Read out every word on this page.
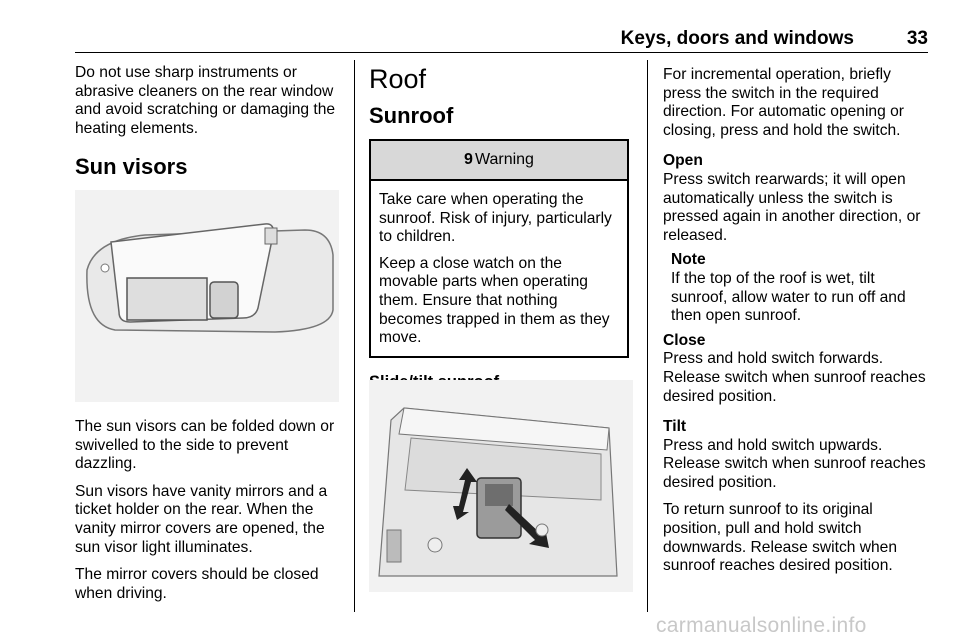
Keys, doors and windows	33

Do not use sharp instruments or abrasive cleaners on the rear window and avoid scratching or damaging the heating elements.

Sun visors

The sun visors can be folded down or swivelled to the side to prevent dazzling.

Sun visors have vanity mirrors and a ticket holder on the rear. When the vanity mirror covers are opened, the sun visor light illuminates.

The mirror covers should be closed when driving.

Roof
Sunroof
9 Warning

Take care when operating the sunroof. Risk of injury, particularly to children.

Keep a close watch on the movable parts when operating them. Ensure that nothing becomes trapped in them as they move.

For incremental operation, briefly press the switch in the required direction. For automatic opening or closing, press and hold the switch.

Open

Press switch rearwards; it will open automatically unless the switch is pressed again in another direction, or released.

Note

If the top of the roof is wet, tilt sunroof, allow water to run off and then open sunroof.

Close

Press and hold switch forwards. Release switch when sunroof reaches desired position.

Tilt

Press and hold switch upwards. Release switch when sunroof reaches desired position.

To return sunroof to its original position, pull and hold switch downwards. Release switch when sunroof reaches desired position.

carmanualsonline.info
